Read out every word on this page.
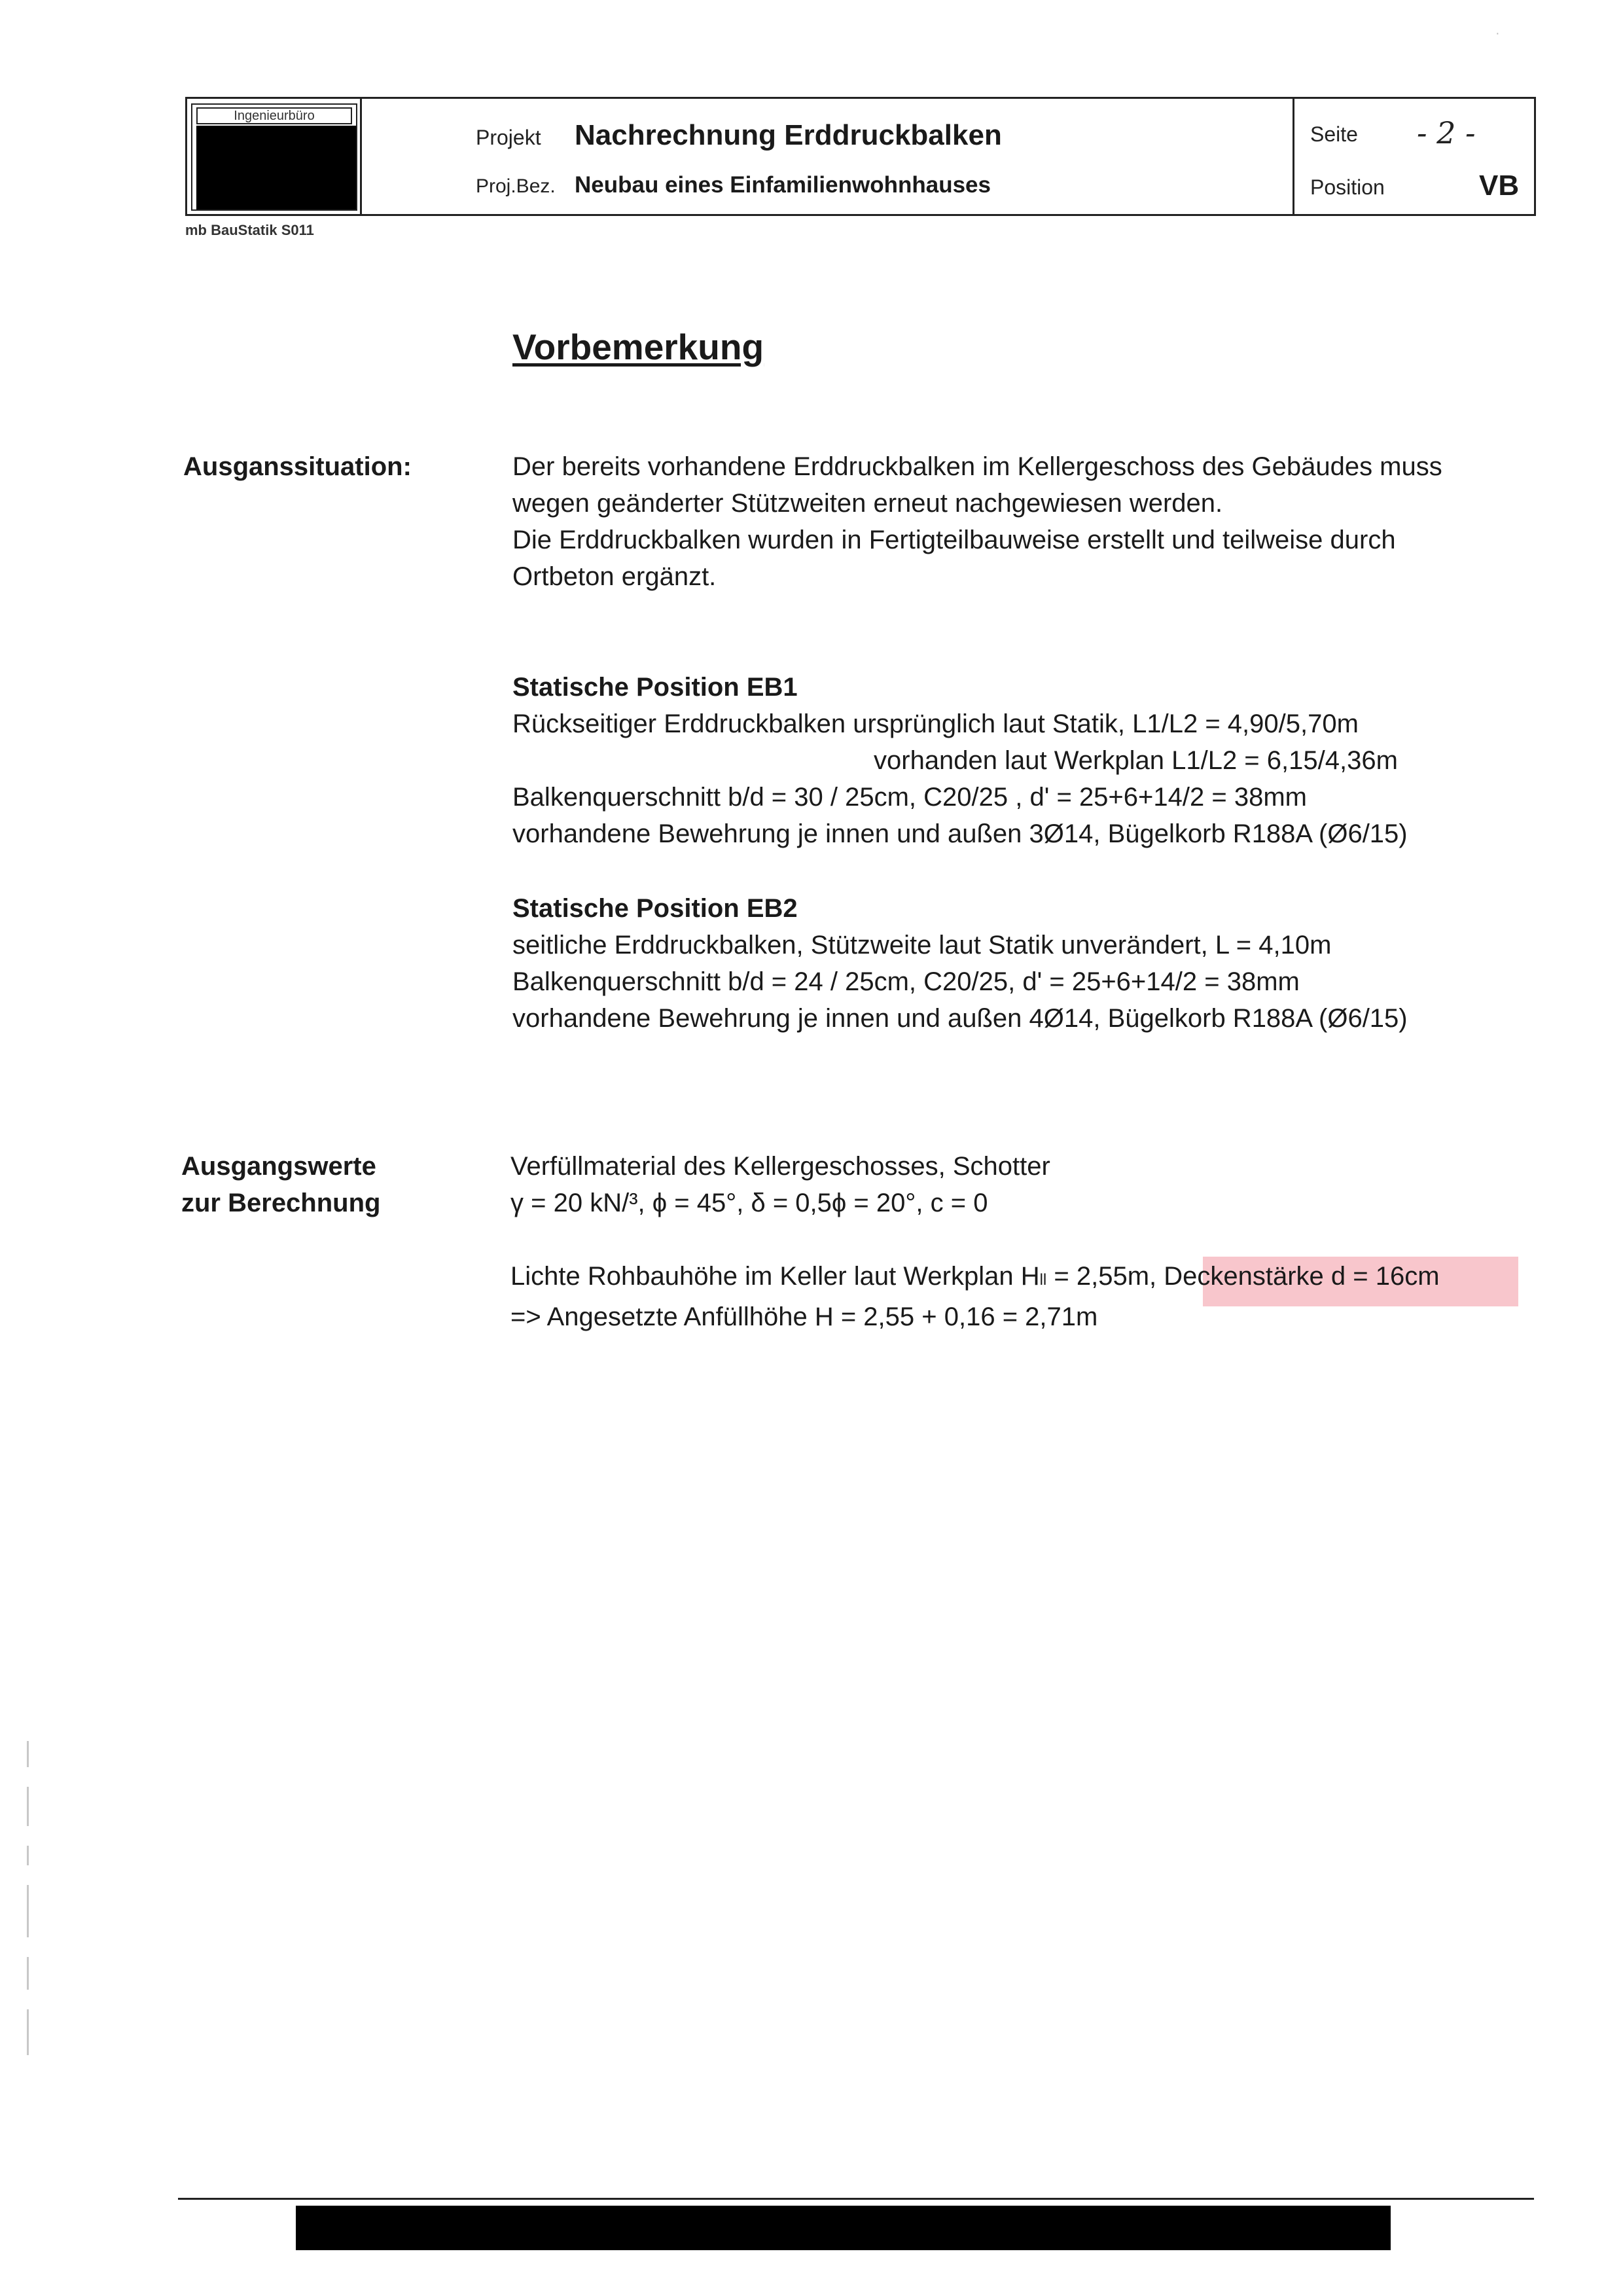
Ingenieurbüro
Projekt Nachrechnung Erddruckbalken
Proj.Bez. Neubau eines Einfamilienwohnhauses
Seite - 2 -
Position	VB
mb BauStatik S011
·
Vorbemerkung
Ausganssituation:	Der bereits vorhandene Erddruckbalken im Kellergeschoss des Gebäudes muss
wegen geänderter Stützweiten erneut nachgewiesen werden.
Die Erddruckbalken wurden in Fertigteilbauweise erstellt und teilweise durch
Ortbeton ergänzt.
Statische Position EB1
Rückseitiger Erddruckbalken ursprünglich laut Statik, L1/L2 = 4,90/5,70m
vorhanden laut Werkplan L1/L2 = 6,15/4,36m
Balkenquerschnitt b/d = 30 / 25cm, C20/25 , d' = 25+6+14/2 = 38mm
vorhandene Bewehrung je innen und außen 3Ø14, Bügelkorb R188A (Ø6/15)
Statische Position EB2
seitliche Erddruckbalken, Stützweite laut Statik unverändert, L = 4,10m
Balkenquerschnitt b/d = 24 / 25cm, C20/25, d' = 25+6+14/2 = 38mm
vorhandene Bewehrung je innen und außen 4Ø14, Bügelkorb R188A (Ø6/15)
Ausgangswerte
zur Berechnung
Verfüllmaterial des Kellergeschosses, Schotter
γ = 20 kN/³, ϕ = 45°, δ = 0,5ϕ = 20°, c = 0
Lichte Rohbauhöhe im Keller laut Werkplan Hll = 2,55m, Deckenstärke d = 16cm
=> Angesetzte Anfüllhöhe H = 2,55 + 0,16 = 2,71m
